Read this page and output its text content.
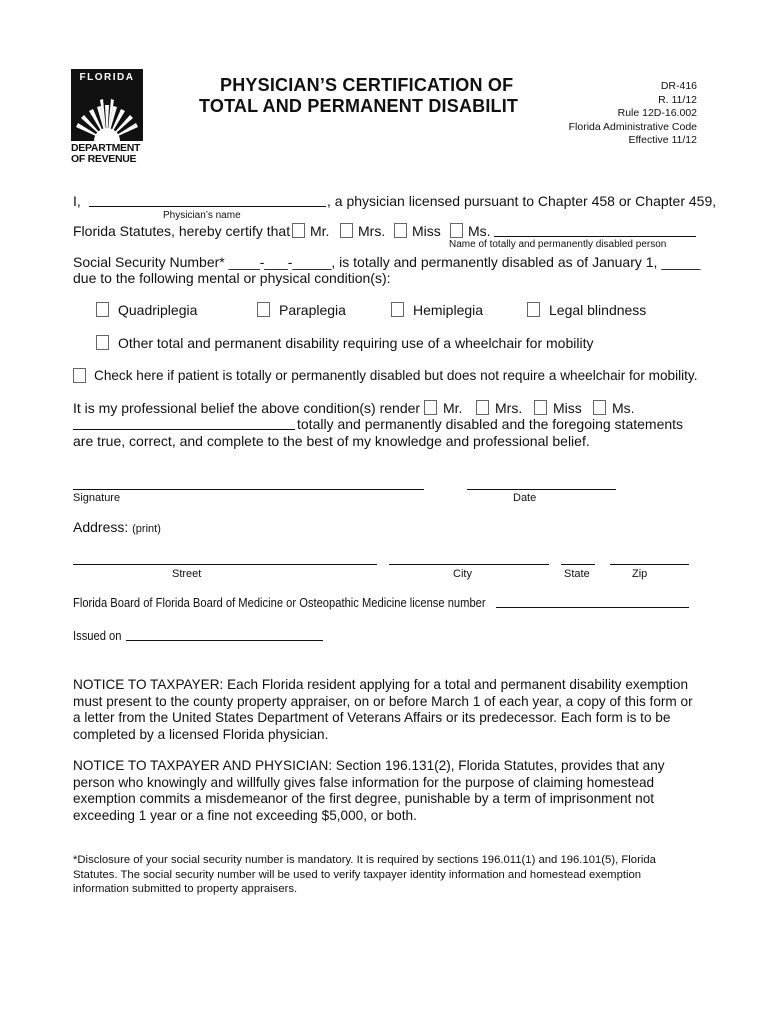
FLORIDA
DEPARTMENT
OF REVENUE
PHYSICIAN’S CERTIFICATION OF
TOTAL AND PERMANENT DISABILIT
DR-416
R. 11/12
Rule 12D-16.002
Florida Administrative Code
Effective 11/12
I,	, a physician licensed pursuant to Chapter 458 or Chapter 459,
Physician’s name
Florida Statutes, hereby certify that Mr. Mrs. Miss Ms.
Name of totally and permanently disabled person
Social Security Number* ____-___-_____, is totally and permanently disabled as of January 1, _____
due to the following mental or physical condition(s):
Quadriplegia	Paraplegia	Hemiplegia	Legal blindness
Other total and permanent disability requiring use of a wheelchair for mobility
Check here if patient is totally or permanently disabled but does not require a wheelchair for mobility.
It is my professional belief the above condition(s) render Mr. Mrs. Miss Ms.
totally and permanently disabled and the foregoing statements
are true, correct, and complete to the best of my knowledge and professional belief.
Signature	Date
Address: (print)
Street	City	State	Zip
Florida Board of Florida Board of Medicine or Osteopathic Medicine license number
Issued on
NOTICE TO TAXPAYER: Each Florida resident applying for a total and permanent disability exemption must present to the county property appraiser, on or before March 1 of each year, a copy of this form or a letter from the United States Department of Veterans Affairs or its predecessor. Each form is to be completed by a licensed Florida physician.
NOTICE TO TAXPAYER AND PHYSICIAN: Section 196.131(2), Florida Statutes, provides that any person who knowingly and willfully gives false information for the purpose of claiming homestead exemption commits a misdemeanor of the first degree, punishable by a term of imprisonment not exceeding 1 year or a fine not exceeding $5,000, or both.
*Disclosure of your social security number is mandatory. It is required by sections 196.011(1) and 196.101(5), Florida Statutes. The social security number will be used to verify taxpayer identity information and homestead exemption information submitted to property appraisers.
